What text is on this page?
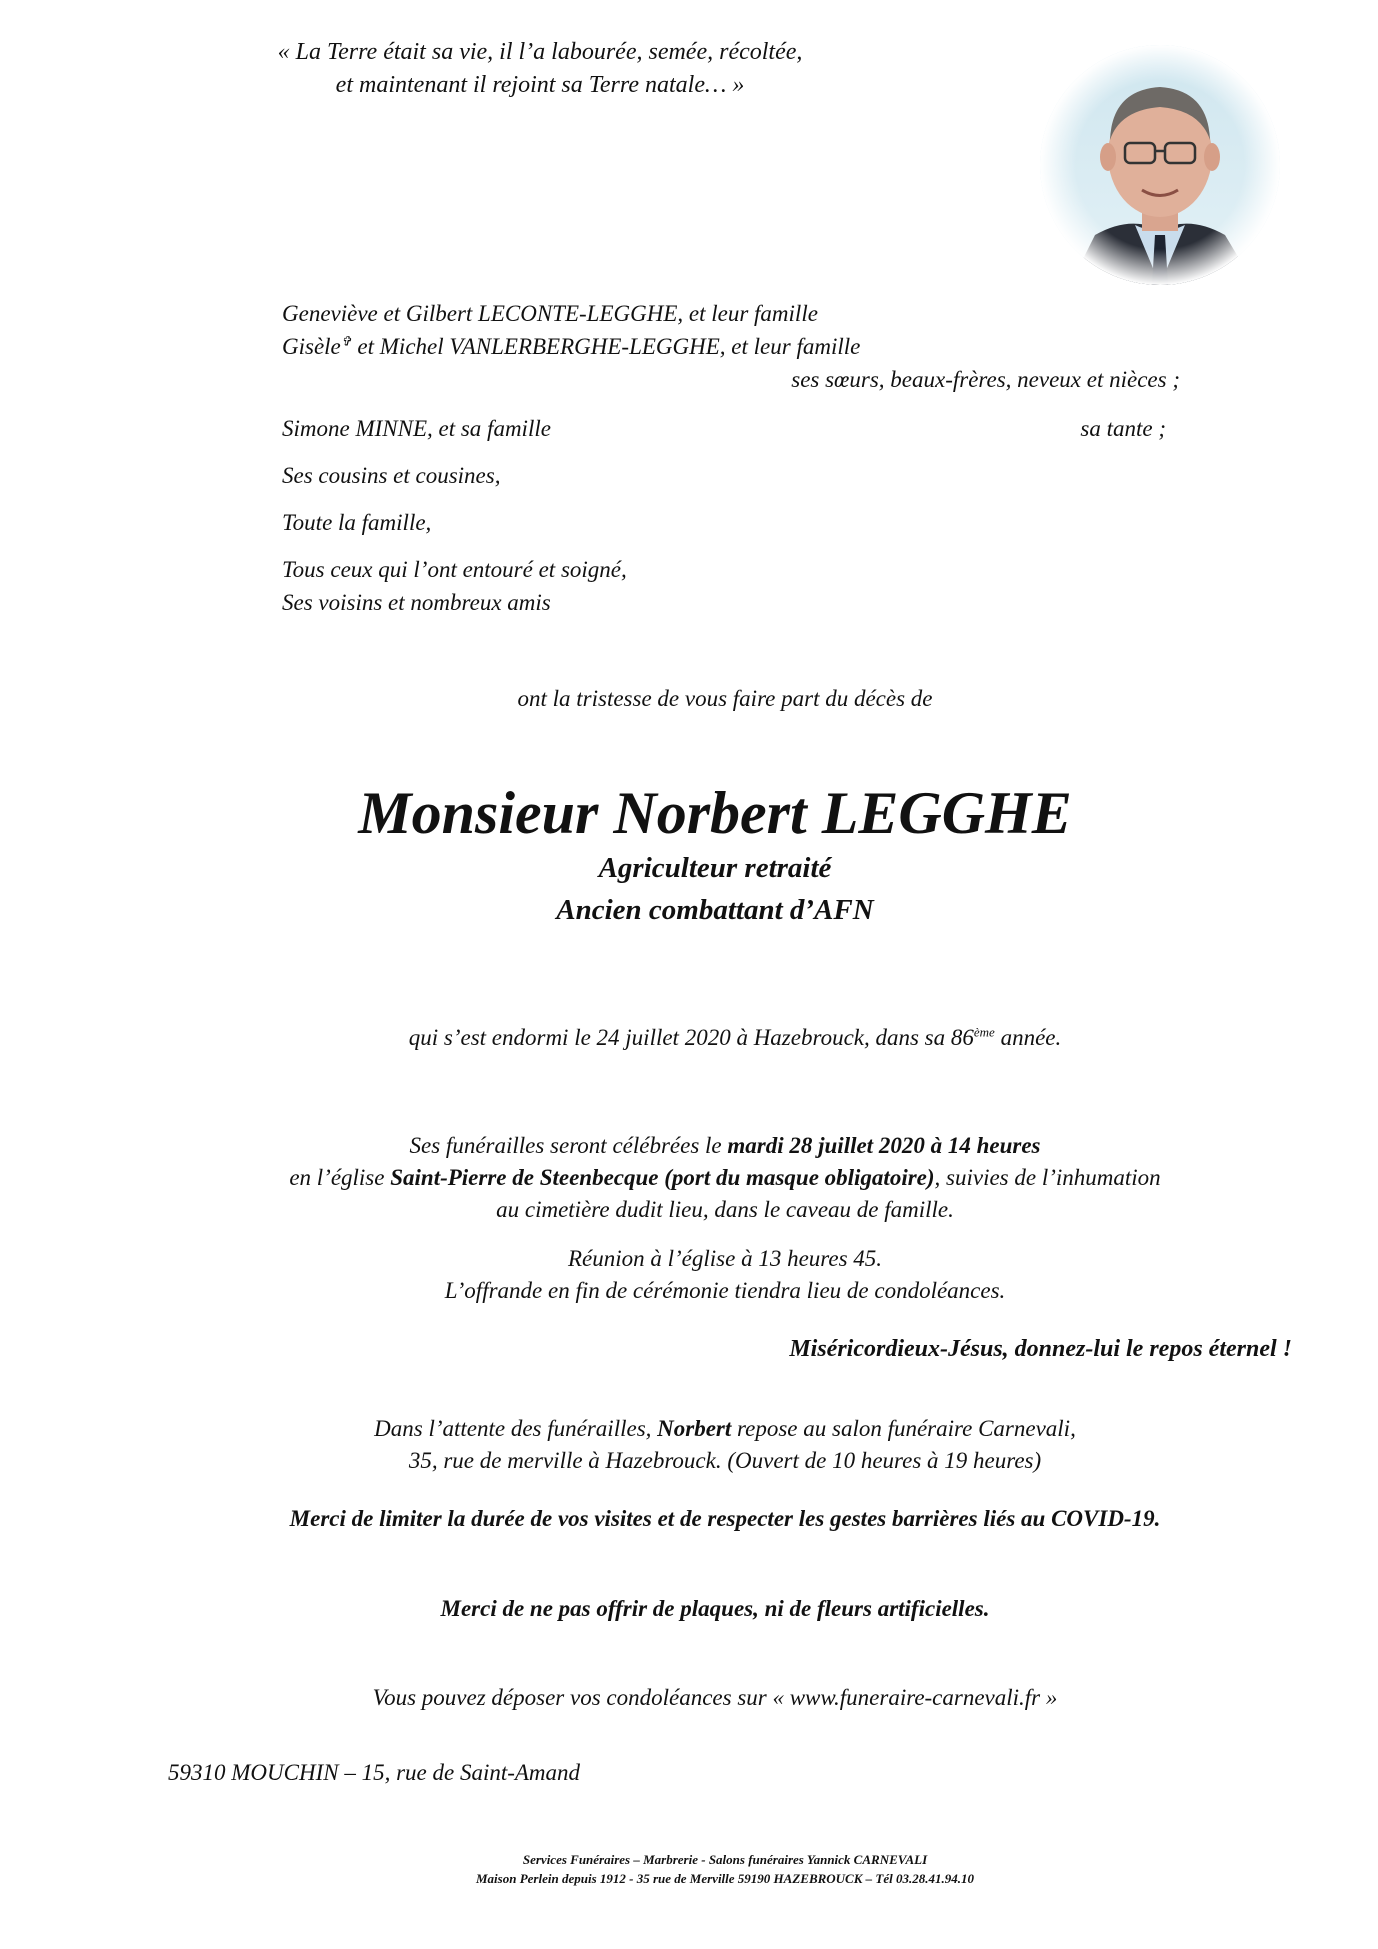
« La Terre était sa vie, il l’a labourée, semée, récoltée,
et maintenant il rejoint sa Terre natale… »
Geneviève et Gilbert LECONTE-LEGGHE, et leur famille
Gisèle✞ et Michel VANLERBERGHE-LEGGHE, et leur famille
ses sœurs, beaux-frères, neveux et nièces ;
Simone MINNE, et sa famille	sa tante ;
Ses cousins et cousines,
Toute la famille,
Tous ceux qui l’ont entouré et soigné,
Ses voisins et nombreux amis
ont la tristesse de vous faire part du décès de
Monsieur Norbert LEGGHE
Agriculteur retraité
Ancien combattant d’AFN
qui s’est endormi le 24 juillet 2020 à Hazebrouck, dans sa 86ème année.
Ses funérailles seront célébrées le mardi 28 juillet 2020 à 14 heures
en l’église Saint-Pierre de Steenbecque (port du masque obligatoire), suivies de l’inhumation
au cimetière dudit lieu, dans le caveau de famille.
Réunion à l’église à 13 heures 45.
L’offrande en fin de cérémonie tiendra lieu de condoléances.
Miséricordieux-Jésus, donnez-lui le repos éternel !
Dans l’attente des funérailles, Norbert repose au salon funéraire Carnevali,
35, rue de merville à Hazebrouck. (Ouvert de 10 heures à 19 heures)
Merci de limiter la durée de vos visites et de respecter les gestes barrières liés au COVID-19.
Merci de ne pas offrir de plaques, ni de fleurs artificielles.
Vous pouvez déposer vos condoléances sur « www.funeraire-carnevali.fr »
59310 MOUCHIN – 15, rue de Saint-Amand
Services Funéraires – Marbrerie - Salons funéraires Yannick CARNEVALI
Maison Perlein depuis 1912 - 35 rue de Merville 59190 HAZEBROUCK – Tél 03.28.41.94.10
